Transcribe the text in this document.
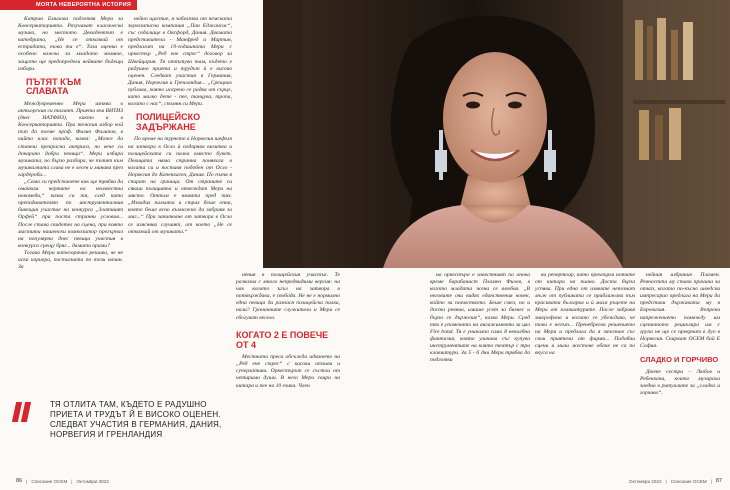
МОЯТА НЕВЕРОЯТНА ИСТОРИЯ

Катрин Емилова подготвя Мери за Консерваторията. Разучават класическа музика, но местото Декадентът е катедрата, „Не се отказвай от естрадата, това ти е“. Тази оценка е особено важна за младото момиче, защото ще предопредели нейните бъдещи избори.

ПЪТЯТ КЪМ СЛАВАТА

Междувременно Мери изпява в актьорския си талант. Приета във ВИТИЗ (днес НАТФИЗ), както и в Консерваторията. При тежкия избор кой път да поеме проф. Филип Филипов, в чийто клас попада, казва: „Може да станеш прекрасна актриса, но вече си докарано добра певица“. Мери избира музиката, но бързо разбира, че пътят към музикалната слава не е лесен и минава през гардероба...

„Само си представете как ще трябва да омачкам чертите на неизвестна нокомеди,“ казва си тя, след като преподавателят по инструменталния бивещия участие на конкурса „Златният Орфей“ при поста странни условия... После става свидетел на сцена, при която мастити нашенски композитор прегърнал на популярна днес певица участия в конкурса срещу бряг... дамата прими?

Тогава Мери категорично решава, че не иска кариера, постигната по този начин. За

нейно щастие, я забелязва от немската звукозаписна компания „Пан Еджансис“, със седалище в Оксфорд, Дания. Двамата представители - Манфред и Мартин, предлагат на 19-годишната Мери с оркестър „Ред ене стрес“ договор за Швейцария. Тя отпътува там, където е радушно приета и трудът ѝ е високо оценен. Следват участия в Германия, Дания, Норвегия и Гренландия... „Срещнах публика, която искрено се радва от сърце, като малко дете - пее, танцува, тропа, когато с нас“, спомня си Мери.

ПОЛИЦЕЙСКО ЗАДЪРЖАНЕ

По време на турнето в Норвегия шефът на затвора в Осло ѝ подарява визитка и полицейската си палка вместо букет. Певицата няма странна понякога в колата си и поставя подобен от Осло - Норвегия до Копенхаген, Дания. По пътя я спират на граница. От страните си сякаш полицията и отвеждат Мери на място. Оттам е нямата пред тях. „Извадих палката и страх беше опна, която беше ясно възможно да забравя за миг...“ При запитване от затвора в Осло се изяснява случаят, от което „Не се отказвай от музиката.“

нения в полицейския участък. Те разказва с много непредвидими версия: на чак когато ъгъл на затвора в потвърждава, е свобода. Не не е нормално една певица да разнася полицейска палка, нали? Граничните служители и Мери се сбогуват весело.

ТЯ ОТЛИТА ТАМ, КЪДЕТО Е РАДУШНО ПРИЕТА И ТРУДЪТ Й Е ВИСОКО ОЦЕНЕН. СЛЕДВАТ УЧАСТИЯ В ГЕРМАНИЯ, ДАНИЯ, НОРВЕГИЯ И ГРЕНЛАНДИЯ
86 | Списание ОСЕМ | Октомври 2022

на оркестъра е известният по онова време барабанист Пламен Филев, в когото младата жена се влюбва. „В неговите очи видях единствения човек, който за поемството. Беше смел, но и доста ревнив, имаше усет за бизнес и бързо се държеше“, казва Мери. Сред тях е упоменато на ангажименти за цял Fire band. Тя е уникално само 8 неколбна фантазия, която уличава със купува инструментите на която театър с три клавиатури. За 5 - 6 дни Мери трябва да подготви

ви репертоар, като прехвърли нотите от китара на пиано. Доста бърза успява. При една от изявите непознат мъж от публиката се приближава към красивата българка и ѝ маха ръцете на Мери от клавиатурите. После забравя микрофона и когато се убеждава, че това е негът... Пренебрегва решението на Мери и предлага да я запознае със свои приятели от фирми... Подобни сцени и мили жестове обаче не са по вкуса на

нейния избраник Пламен. Ревността му става причина за отказ, когато по-късно шведски импресарио предлага на Мери да представи държавата му в Евровизия. Въпреки напрежението помежду им сценичното рециклира им с група не ще се преврнат в дуо в Норвегия. Свиркат ОСЕМ бай Е София.

СЛАДКО И ГОРЧИВО

Двете сестри – Любов и Ребеккачи, които музираха заедно в ритуалите за „сладко и горчиво“.

Октомври 2022 | Списание ОСЕМ | 87
КОГАТО 2 Е ПОВЕЧЕ ОТ 4

Местната преса обсъжда идването на „Ред ене стрес“ с касови отзиви и суперлативи. Оркестърът се състои от четирима души. В него Мери свири на китара и пее на 10 езика. Член
